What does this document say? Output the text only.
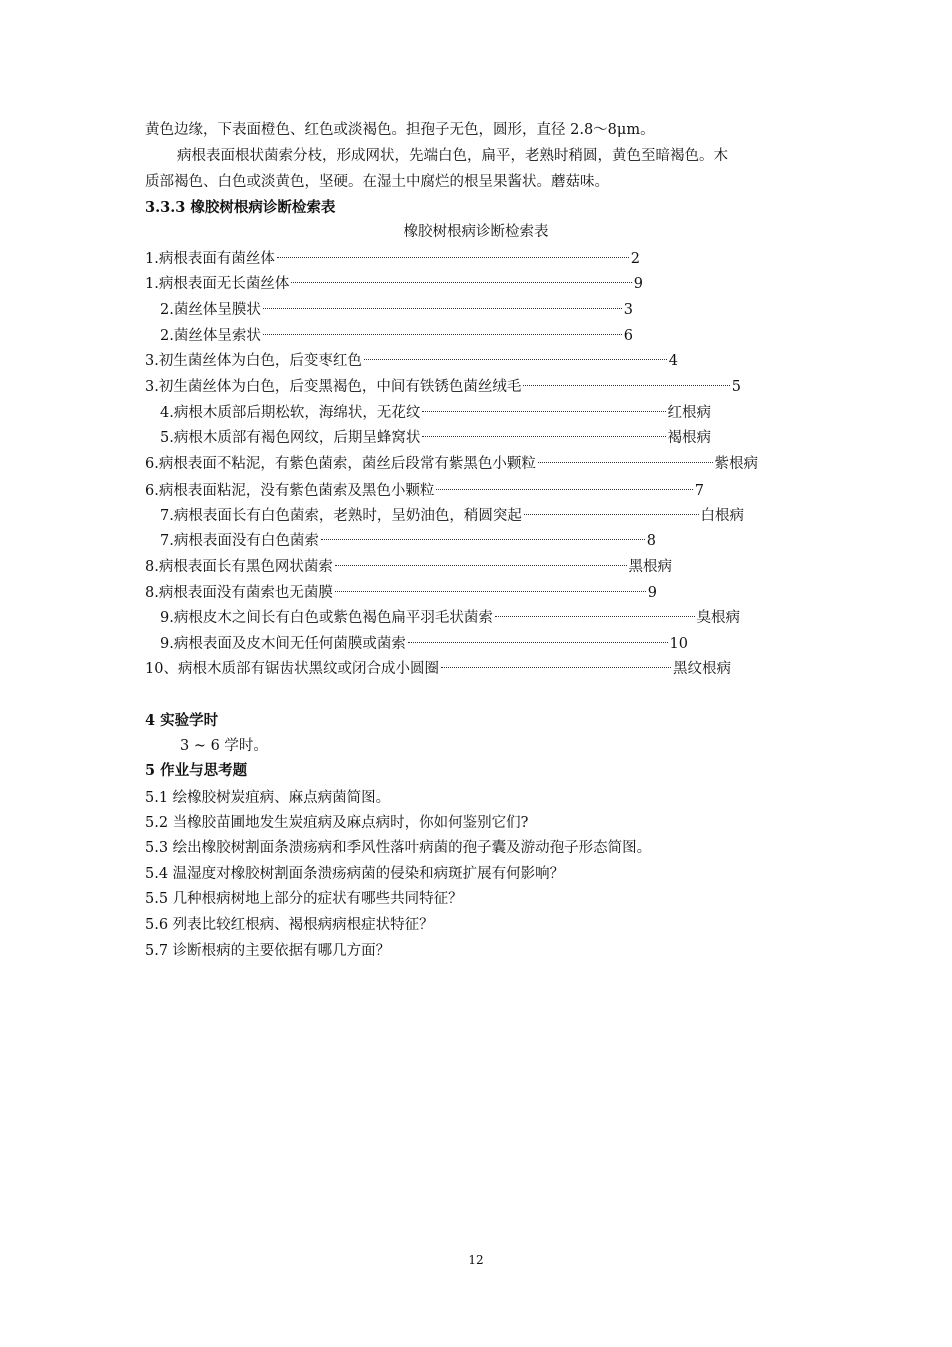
黄色边缘，下表面橙色、红色或淡褐色。担孢子无色，圆形，直径 2.8～8μm。
病根表面根状菌索分枝，形成网状，先端白色，扁平，老熟时稍圆，黄色至暗褐色。木
质部褐色、白色或淡黄色，坚硬。在湿土中腐烂的根呈果酱状。蘑菇味。
3.3.3 橡胶树根病诊断检索表
橡胶树根病诊断检索表
1.病根表面有菌丝体	2
1.病根表面无长菌丝体	9
2.菌丝体呈膜状	3
2.菌丝体呈索状	6
3.初生菌丝体为白色，后变枣红色	4
3.初生菌丝体为白色，后变黑褐色，中间有铁锈色菌丝绒毛	5
4.病根木质部后期松软，海绵状，无花纹	红根病
5.病根木质部有褐色网纹，后期呈蜂窝状	褐根病
6.病根表面不粘泥，有紫色菌索，菌丝后段常有紫黑色小颗粒	紫根病
6.病根表面粘泥，没有紫色菌索及黑色小颗粒	7
7.病根表面长有白色菌索，老熟时，呈奶油色，稍圆突起	白根病
7.病根表面没有白色菌索	8
8.病根表面长有黑色网状菌索	黑根病
8.病根表面没有菌索也无菌膜	9
9.病根皮木之间长有白色或紫色褐色扁平羽毛状菌索	臭根病
9.病根表面及皮木间无任何菌膜或菌索	10
10、病根木质部有锯齿状黑纹或闭合成小圆圈	黑纹根病
4 实验学时
3 ~ 6 学时。
5 作业与思考题
5.1 绘橡胶树炭疽病、麻点病菌简图。
5.2 当橡胶苗圃地发生炭疽病及麻点病时，你如何鉴别它们?
5.3 绘出橡胶树割面条溃疡病和季风性落叶病菌的孢子囊及游动孢子形态简图。
5.4 温湿度对橡胶树割面条溃疡病菌的侵染和病斑扩展有何影响？
5.5 几种根病树地上部分的症状有哪些共同特征？
5.6 列表比较红根病、褐根病病根症状特征？
5.7 诊断根病的主要依据有哪几方面？
12
